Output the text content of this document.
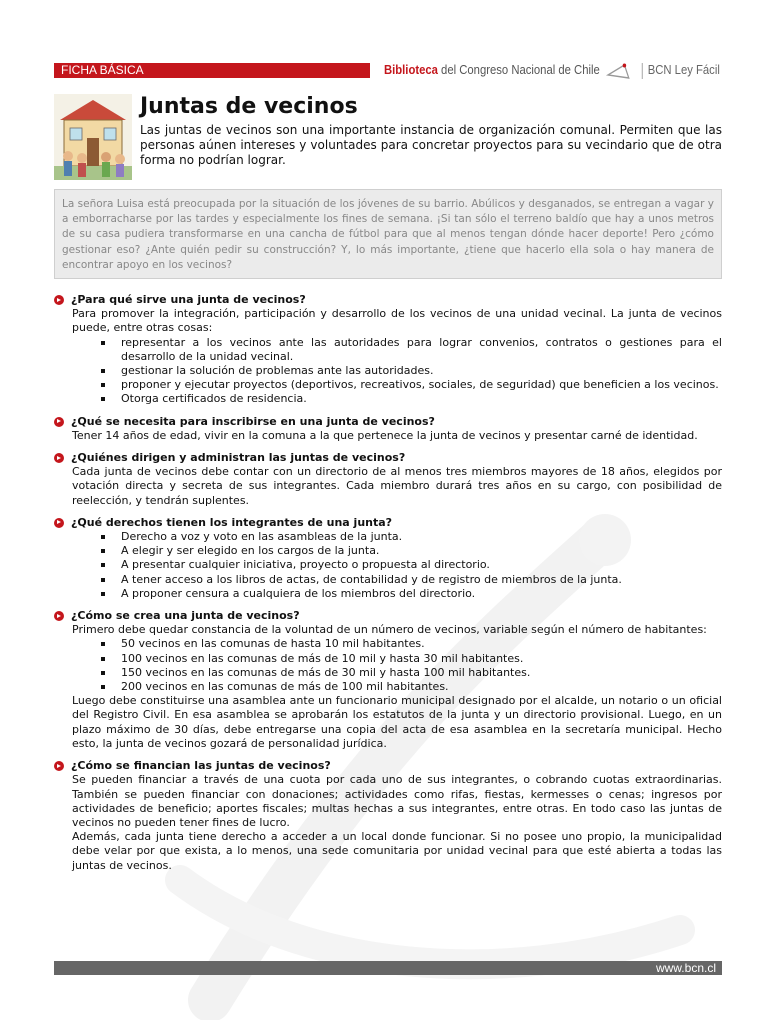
FICHA BÁSICA	Biblioteca del Congreso Nacional de Chile	BCN Ley Fácil
Juntas de vecinos

Las juntas de vecinos son una importante instancia de organización comunal. Permiten que las personas aúnen intereses y voluntades para concretar proyectos para su vecindario que de otra forma no podrían lograr.

La señora Luisa está preocupada por la situación de los jóvenes de su barrio. Abúlicos y desganados, se entregan a vagar y a emborracharse por las tardes y especialmente los fines de semana. ¡Si tan sólo el terreno baldío que hay a unos metros de su casa pudiera transformarse en una cancha de fútbol para que al menos tengan dónde hacer deporte! Pero ¿cómo gestionar eso? ¿Ante quién pedir su construcción? Y, lo más importante, ¿tiene que hacerlo ella sola o hay manera de encontrar apoyo en los vecinos?
¿Para qué sirve una junta de vecinos?

Para promover la integración, participación y desarrollo de los vecinos de una unidad vecinal. La junta de vecinos puede, entre otras cosas:

representar a los vecinos ante las autoridades para lograr convenios, contratos o gestiones para el desarrollo de la unidad vecinal.
gestionar la solución de problemas ante las autoridades.
proponer y ejecutar proyectos (deportivos, recreativos, sociales, de seguridad) que beneficien a los vecinos.
Otorga certificados de residencia.
¿Qué se necesita para inscribirse en una junta de vecinos?

Tener 14 años de edad, vivir en la comuna a la que pertenece la junta de vecinos y presentar carné de identidad.

¿Quiénes dirigen y administran las juntas de vecinos?

Cada junta de vecinos debe contar con un directorio de al menos tres miembros mayores de 18 años, elegidos por votación directa y secreta de sus integrantes. Cada miembro durará tres años en su cargo, con posibilidad de reelección, y tendrán suplentes.

¿Qué derechos tienen los integrantes de una junta?
Derecho a voz y voto en las asambleas de la junta.
A elegir y ser elegido en los cargos de la junta.
A presentar cualquier iniciativa, proyecto o propuesta al directorio.
A tener acceso a los libros de actas, de contabilidad y de registro de miembros de la junta.
A proponer censura a cualquiera de los miembros del directorio.
¿Cómo se crea una junta de vecinos?

Primero debe quedar constancia de la voluntad de un número de vecinos, variable según el número de habitantes:

50 vecinos en las comunas de hasta 10 mil habitantes.
100 vecinos en las comunas de más de 10 mil y hasta 30 mil habitantes.
150 vecinos en las comunas de más de 30 mil y hasta 100 mil habitantes.
200 vecinos en las comunas de más de 100 mil habitantes.

Luego debe constituirse una asamblea ante un funcionario municipal designado por el alcalde, un notario o un oficial del Registro Civil. En esa asamblea se aprobarán los estatutos de la junta y un directorio provisional. Luego, en un plazo máximo de 30 días, debe entregarse una copia del acta de esa asamblea en la secretaría municipal. Hecho esto, la junta de vecinos gozará de personalidad jurídica.

¿Cómo se financian las juntas de vecinos?

Se pueden financiar a través de una cuota por cada uno de sus integrantes, o cobrando cuotas extraordinarias. También se pueden financiar con donaciones; actividades como rifas, fiestas, kermesses o cenas; ingresos por actividades de beneficio; aportes fiscales; multas hechas a sus integrantes, entre otras. En todo caso las juntas de vecinos no pueden tener fines de lucro.

Además, cada junta tiene derecho a acceder a un local donde funcionar. Si no posee uno propio, la municipalidad debe velar por que exista, a lo menos, una sede comunitaria por unidad vecinal para que esté abierta a todas las juntas de vecinos.

www.bcn.cl
